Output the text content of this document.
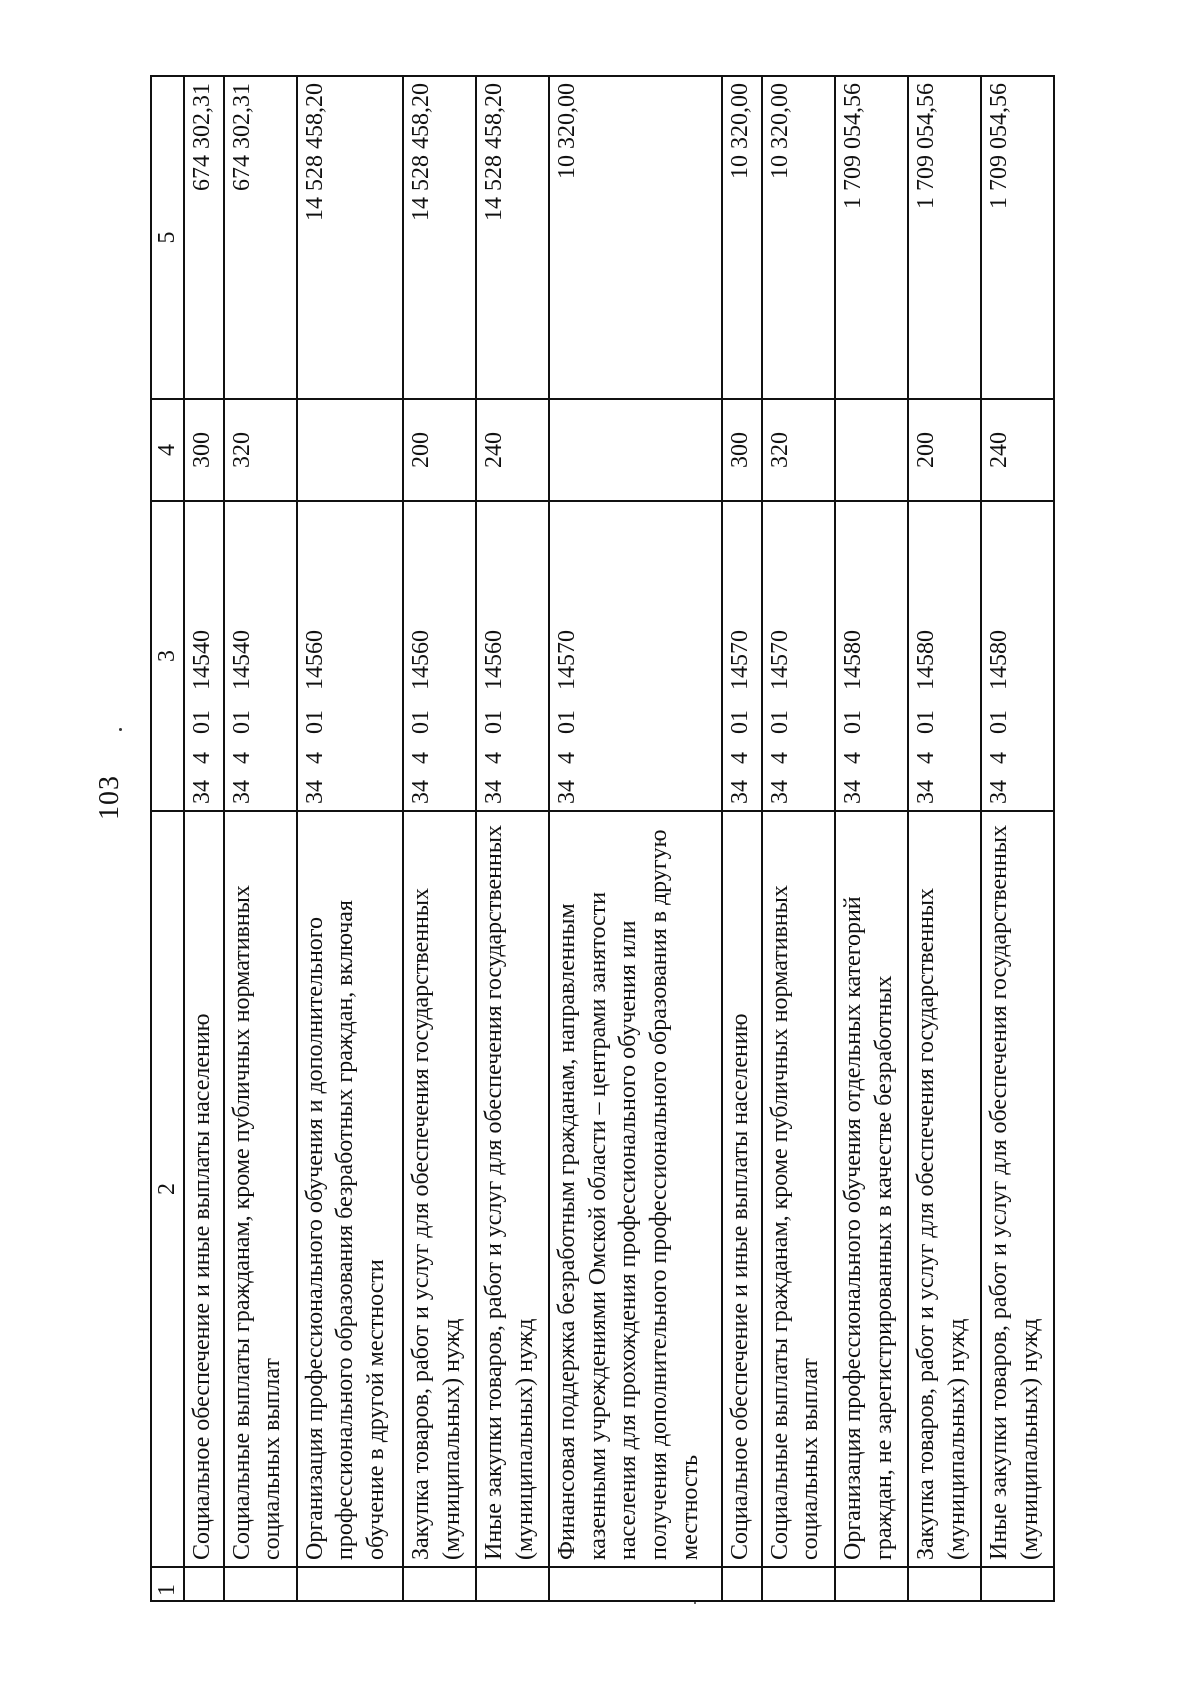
103
1	2	3	4	5
	Социальное обеспечение и иные выплаты населению	3440114540	300	674 302,31
	Социальные выплаты гражданам, кроме публичных нормативных социальных выплат	3440114540	320	674 302,31
	Организация профессионального обучения и дополнительного профессионального образования безработных граждан, включая обучение в другой местности	3440114560		14 528 458,20
	Закупка товаров, работ и услуг для обеспечения государственных (муниципальных) нужд	3440114560	200	14 528 458,20
	Иные закупки товаров, работ и услуг для обеспечения государственных (муниципальных) нужд	3440114560	240	14 528 458,20
	Финансовая поддержка безработным гражданам, направленным казенными учреждениями Омской области – центрами занятости населения для прохождения профессионального обучения или получения дополнительного профессионального образования в другую местность	3440114570		10 320,00
	Социальное обеспечение и иные выплаты населению	3440114570	300	10 320,00
	Социальные выплаты гражданам, кроме публичных нормативных социальных выплат	3440114570	320	10 320,00
	Организация профессионального обучения отдельных категорий граждан, не зарегистрированных в качестве безработных	3440114580		1 709 054,56
	Закупка товаров, работ и услуг для обеспечения государственных (муниципальных) нужд	3440114580	200	1 709 054,56
	Иные закупки товаров, работ и услуг для обеспечения государственных (муниципальных) нужд	3440114580	240	1 709 054,56
